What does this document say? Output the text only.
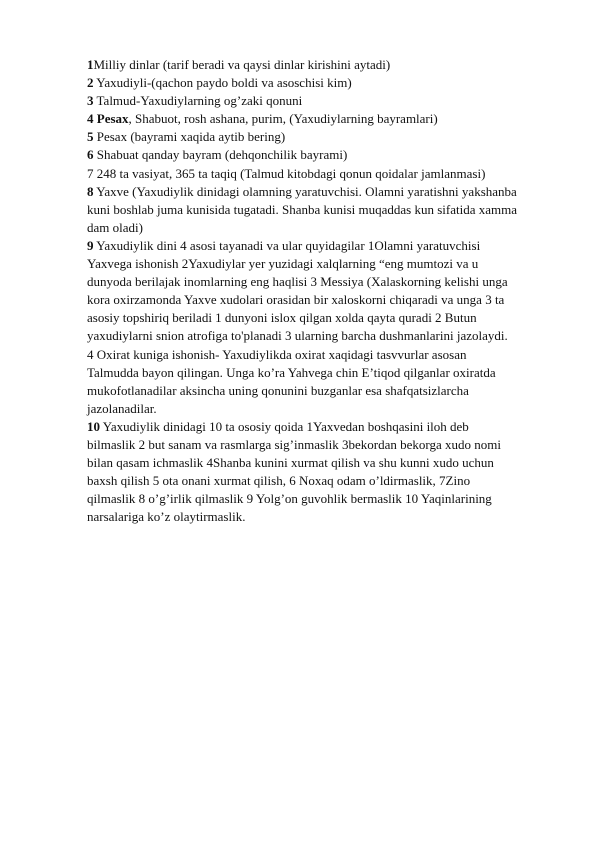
1Milliy dinlar (tarif beradi va qaysi dinlar kirishini aytadi)

2 Yaxudiyli-(qachon paydo boldi va asoschisi kim)

3 Talmud-Yaxudiylarning og’zaki qonuni

4 Pesax, Shabuot, rosh ashana, purim, (Yaxudiylarning bayramlari)

5 Pesax (bayrami xaqida aytib bering)

6 Shabuat qanday bayram (dehqonchilik bayrami)

7 248 ta vasiyat, 365 ta taqiq (Talmud kitobdagi qonun qoidalar jamlanmasi)

8 Yaxve (Yaxudiylik dinidagi olamning yaratuvchisi. Olamni yaratishni yakshanba

kuni boshlab juma kunisida tugatadi. Shanba kunisi muqaddas kun sifatida xamma

dam oladi)

9 Yaxudiylik dini 4 asosi tayanadi va ular quyidagilar 1Olamni yaratuvchisi

Yaxvega ishonish 2Yaxudiylar yer yuzidagi xalqlarning “eng mumtozi va u

dunyoda berilajak inomlarning eng haqlisi 3 Messiya (Xalaskorning kelishi unga

kora oxirzamonda Yaxve xudolari orasidan bir xaloskorni chiqaradi va unga 3 ta

asosiy topshiriq beriladi 1 dunyoni islox qilgan xolda qayta quradi 2 Butun

yaxudiylarni snion atrofiga to'planadi 3 ularning barcha dushmanlarini jazolaydi.

4 Oxirat kuniga ishonish- Yaxudiylikda oxirat xaqidagi tasvvurlar asosan

Talmudda bayon qilingan. Unga ko’ra Yahvega chin E’tiqod qilganlar oxiratda

mukofotlanadilar aksincha uning qonunini buzganlar esa shafqatsizlarcha

jazolanadilar.

10 Yaxudiylik dinidagi 10 ta ososiy qoida 1Yaxvedan boshqasini iloh deb

bilmaslik 2 but sanam va rasmlarga sig’inmaslik 3bekordan bekorga xudo nomi

bilan qasam ichmaslik 4Shanba kunini xurmat qilish va shu kunni xudo uchun

baxsh qilish 5 ota onani xurmat qilish, 6 Noxaq odam o’ldirmaslik, 7Zino

qilmaslik 8 o’g’irlik qilmaslik 9 Yolg’on guvohlik bermaslik 10 Yaqinlarining

narsalariga ko’z olaytirmaslik.
